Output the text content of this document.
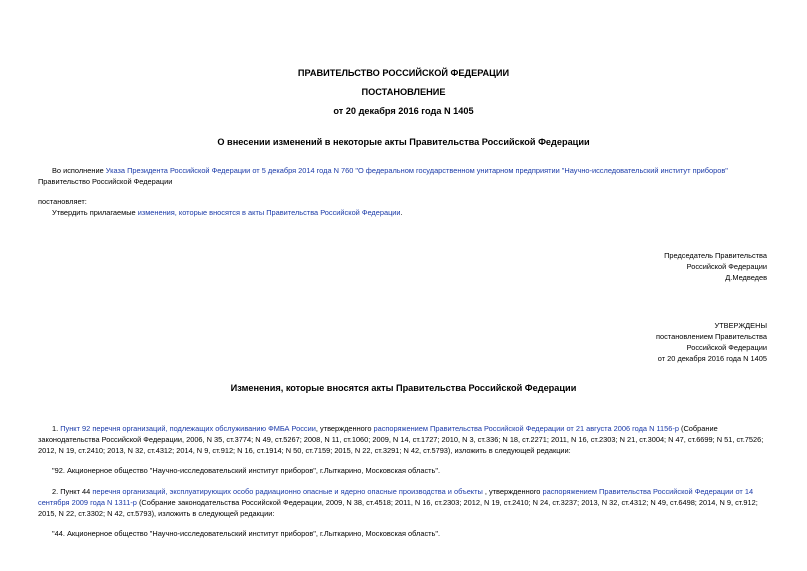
ПРАВИТЕЛЬСТВО РОССИЙСКОЙ ФЕДЕРАЦИИ
ПОСТАНОВЛЕНИЕ
от 20 декабря 2016 года N 1405
О внесении изменений в некоторые акты Правительства Российской Федерации
Во исполнение Указа Президента Российской Федерации от 5 декабря 2014 года N 760 "О федеральном государственном унитарном предприятии "Научно-исследовательский институт приборов" Правительство Российской Федерации
постановляет:
Утвердить прилагаемые изменения, которые вносятся в акты Правительства Российской Федерации.
Председатель Правительства
Российской Федерации
Д.Медведев
УТВЕРЖДЕНЫ
постановлением Правительства
Российской Федерации
от 20 декабря 2016 года N 1405
Изменения, которые вносятся акты Правительства Российской Федерации
1. Пункт 92 перечня организаций, подлежащих обслуживанию ФМБА России, утвержденного распоряжением Правительства Российской Федерации от 21 августа 2006 года N 1156-р (Собрание законодательства Российской Федерации, 2006, N 35, ст.3774; N 49, ст.5267; 2008, N 11, ст.1060; 2009, N 14, ст.1727; 2010, N 3, ст.336; N 18, ст.2271; 2011, N 16, ст.2303; N 21, ст.3004; N 47, ст.6699; N 51, ст.7526; 2012, N 19, ст.2410; 2013, N 32, ст.4312; 2014, N 9, ст.912; N 16, ст.1914; N 50, ст.7159; 2015, N 22, ст.3291; N 42, ст.5793), изложить в следующей редакции:
"92. Акционерное общество "Научно-исследовательский институт приборов", г.Лыткарино, Московская область".
2. Пункт 44 перечня организаций, эксплуатирующих особо радиационно опасные и ядерно опасные производства и объекты , утвержденного распоряжением Правительства Российской Федерации от 14 сентября 2009 года N 1311-р (Собрание законодательства Российской Федерации, 2009, N 38, ст.4518; 2011, N 16, ст.2303; 2012, N 19, ст.2410; N 24, ст.3237; 2013, N 32, ст.4312; N 49, ст.6498; 2014, N 9, ст.912; 2015, N 22, ст.3302; N 42, ст.5793), изложить в следующей редакции:
"44. Акционерное общество "Научно-исследовательский институт приборов", г.Лыткарино, Московская область".
